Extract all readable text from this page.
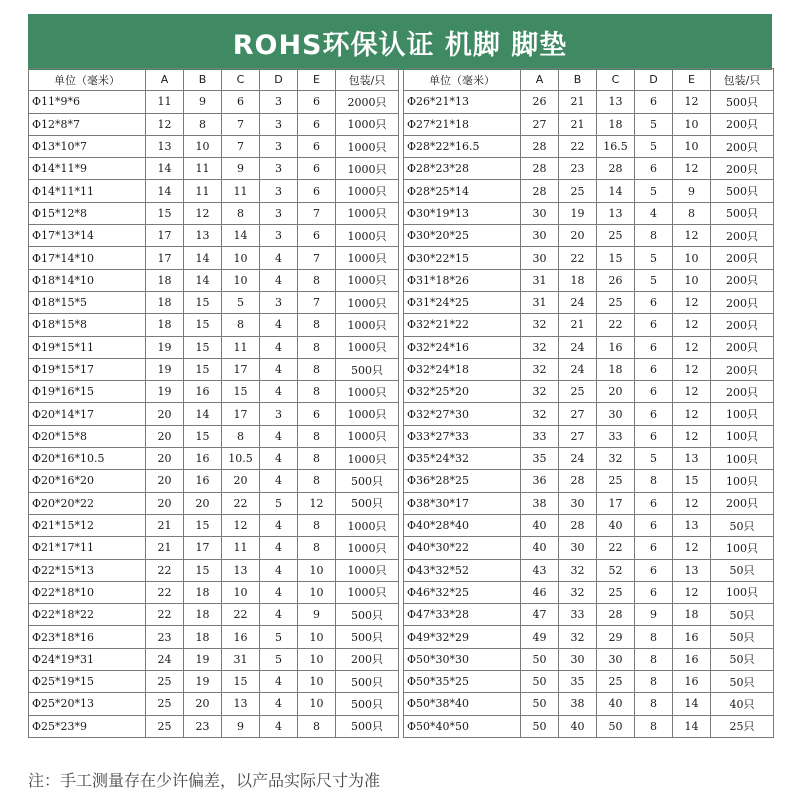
ROHS环保认证 机脚 脚垫
单位（毫米）	A	B	C	D	E	包装/只
Φ11*9*6	11	9	6	3	6	2000只
Φ12*8*7	12	8	7	3	6	1000只
Φ13*10*7	13	10	7	3	6	1000只
Φ14*11*9	14	11	9	3	6	1000只
Φ14*11*11	14	11	11	3	6	1000只
Φ15*12*8	15	12	8	3	7	1000只
Φ17*13*14	17	13	14	3	6	1000只
Φ17*14*10	17	14	10	4	7	1000只
Φ18*14*10	18	14	10	4	8	1000只
Φ18*15*5	18	15	5	3	7	1000只
Φ18*15*8	18	15	8	4	8	1000只
Φ19*15*11	19	15	11	4	8	1000只
Φ19*15*17	19	15	17	4	8	500只
Φ19*16*15	19	16	15	4	8	1000只
Φ20*14*17	20	14	17	3	6	1000只
Φ20*15*8	20	15	8	4	8	1000只
Φ20*16*10.5	20	16	10.5	4	8	1000只
Φ20*16*20	20	16	20	4	8	500只
Φ20*20*22	20	20	22	5	12	500只
Φ21*15*12	21	15	12	4	8	1000只
Φ21*17*11	21	17	11	4	8	1000只
Φ22*15*13	22	15	13	4	10	1000只
Φ22*18*10	22	18	10	4	10	1000只
Φ22*18*22	22	18	22	4	9	500只
Φ23*18*16	23	18	16	5	10	500只
Φ24*19*31	24	19	31	5	10	200只
Φ25*19*15	25	19	15	4	10	500只
Φ25*20*13	25	20	13	4	10	500只
Φ25*23*9	25	23	9	4	8	500只
单位（毫米）	A	B	C	D	E	包装/只
Φ26*21*13	26	21	13	6	12	500只
Φ27*21*18	27	21	18	5	10	200只
Φ28*22*16.5	28	22	16.5	5	10	200只
Φ28*23*28	28	23	28	6	12	200只
Φ28*25*14	28	25	14	5	9	500只
Φ30*19*13	30	19	13	4	8	500只
Φ30*20*25	30	20	25	8	12	200只
Φ30*22*15	30	22	15	5	10	200只
Φ31*18*26	31	18	26	5	10	200只
Φ31*24*25	31	24	25	6	12	200只
Φ32*21*22	32	21	22	6	12	200只
Φ32*24*16	32	24	16	6	12	200只
Φ32*24*18	32	24	18	6	12	200只
Φ32*25*20	32	25	20	6	12	200只
Φ32*27*30	32	27	30	6	12	100只
Φ33*27*33	33	27	33	6	12	100只
Φ35*24*32	35	24	32	5	13	100只
Φ36*28*25	36	28	25	8	15	100只
Φ38*30*17	38	30	17	6	12	200只
Φ40*28*40	40	28	40	6	13	50只
Φ40*30*22	40	30	22	6	12	100只
Φ43*32*52	43	32	52	6	13	50只
Φ46*32*25	46	32	25	6	12	100只
Φ47*33*28	47	33	28	9	18	50只
Φ49*32*29	49	32	29	8	16	50只
Φ50*30*30	50	30	30	8	16	50只
Φ50*35*25	50	35	25	8	16	50只
Φ50*38*40	50	38	40	8	14	40只
Φ50*40*50	50	40	50	8	14	25只
注：手工测量存在少许偏差，以产品实际尺寸为准
